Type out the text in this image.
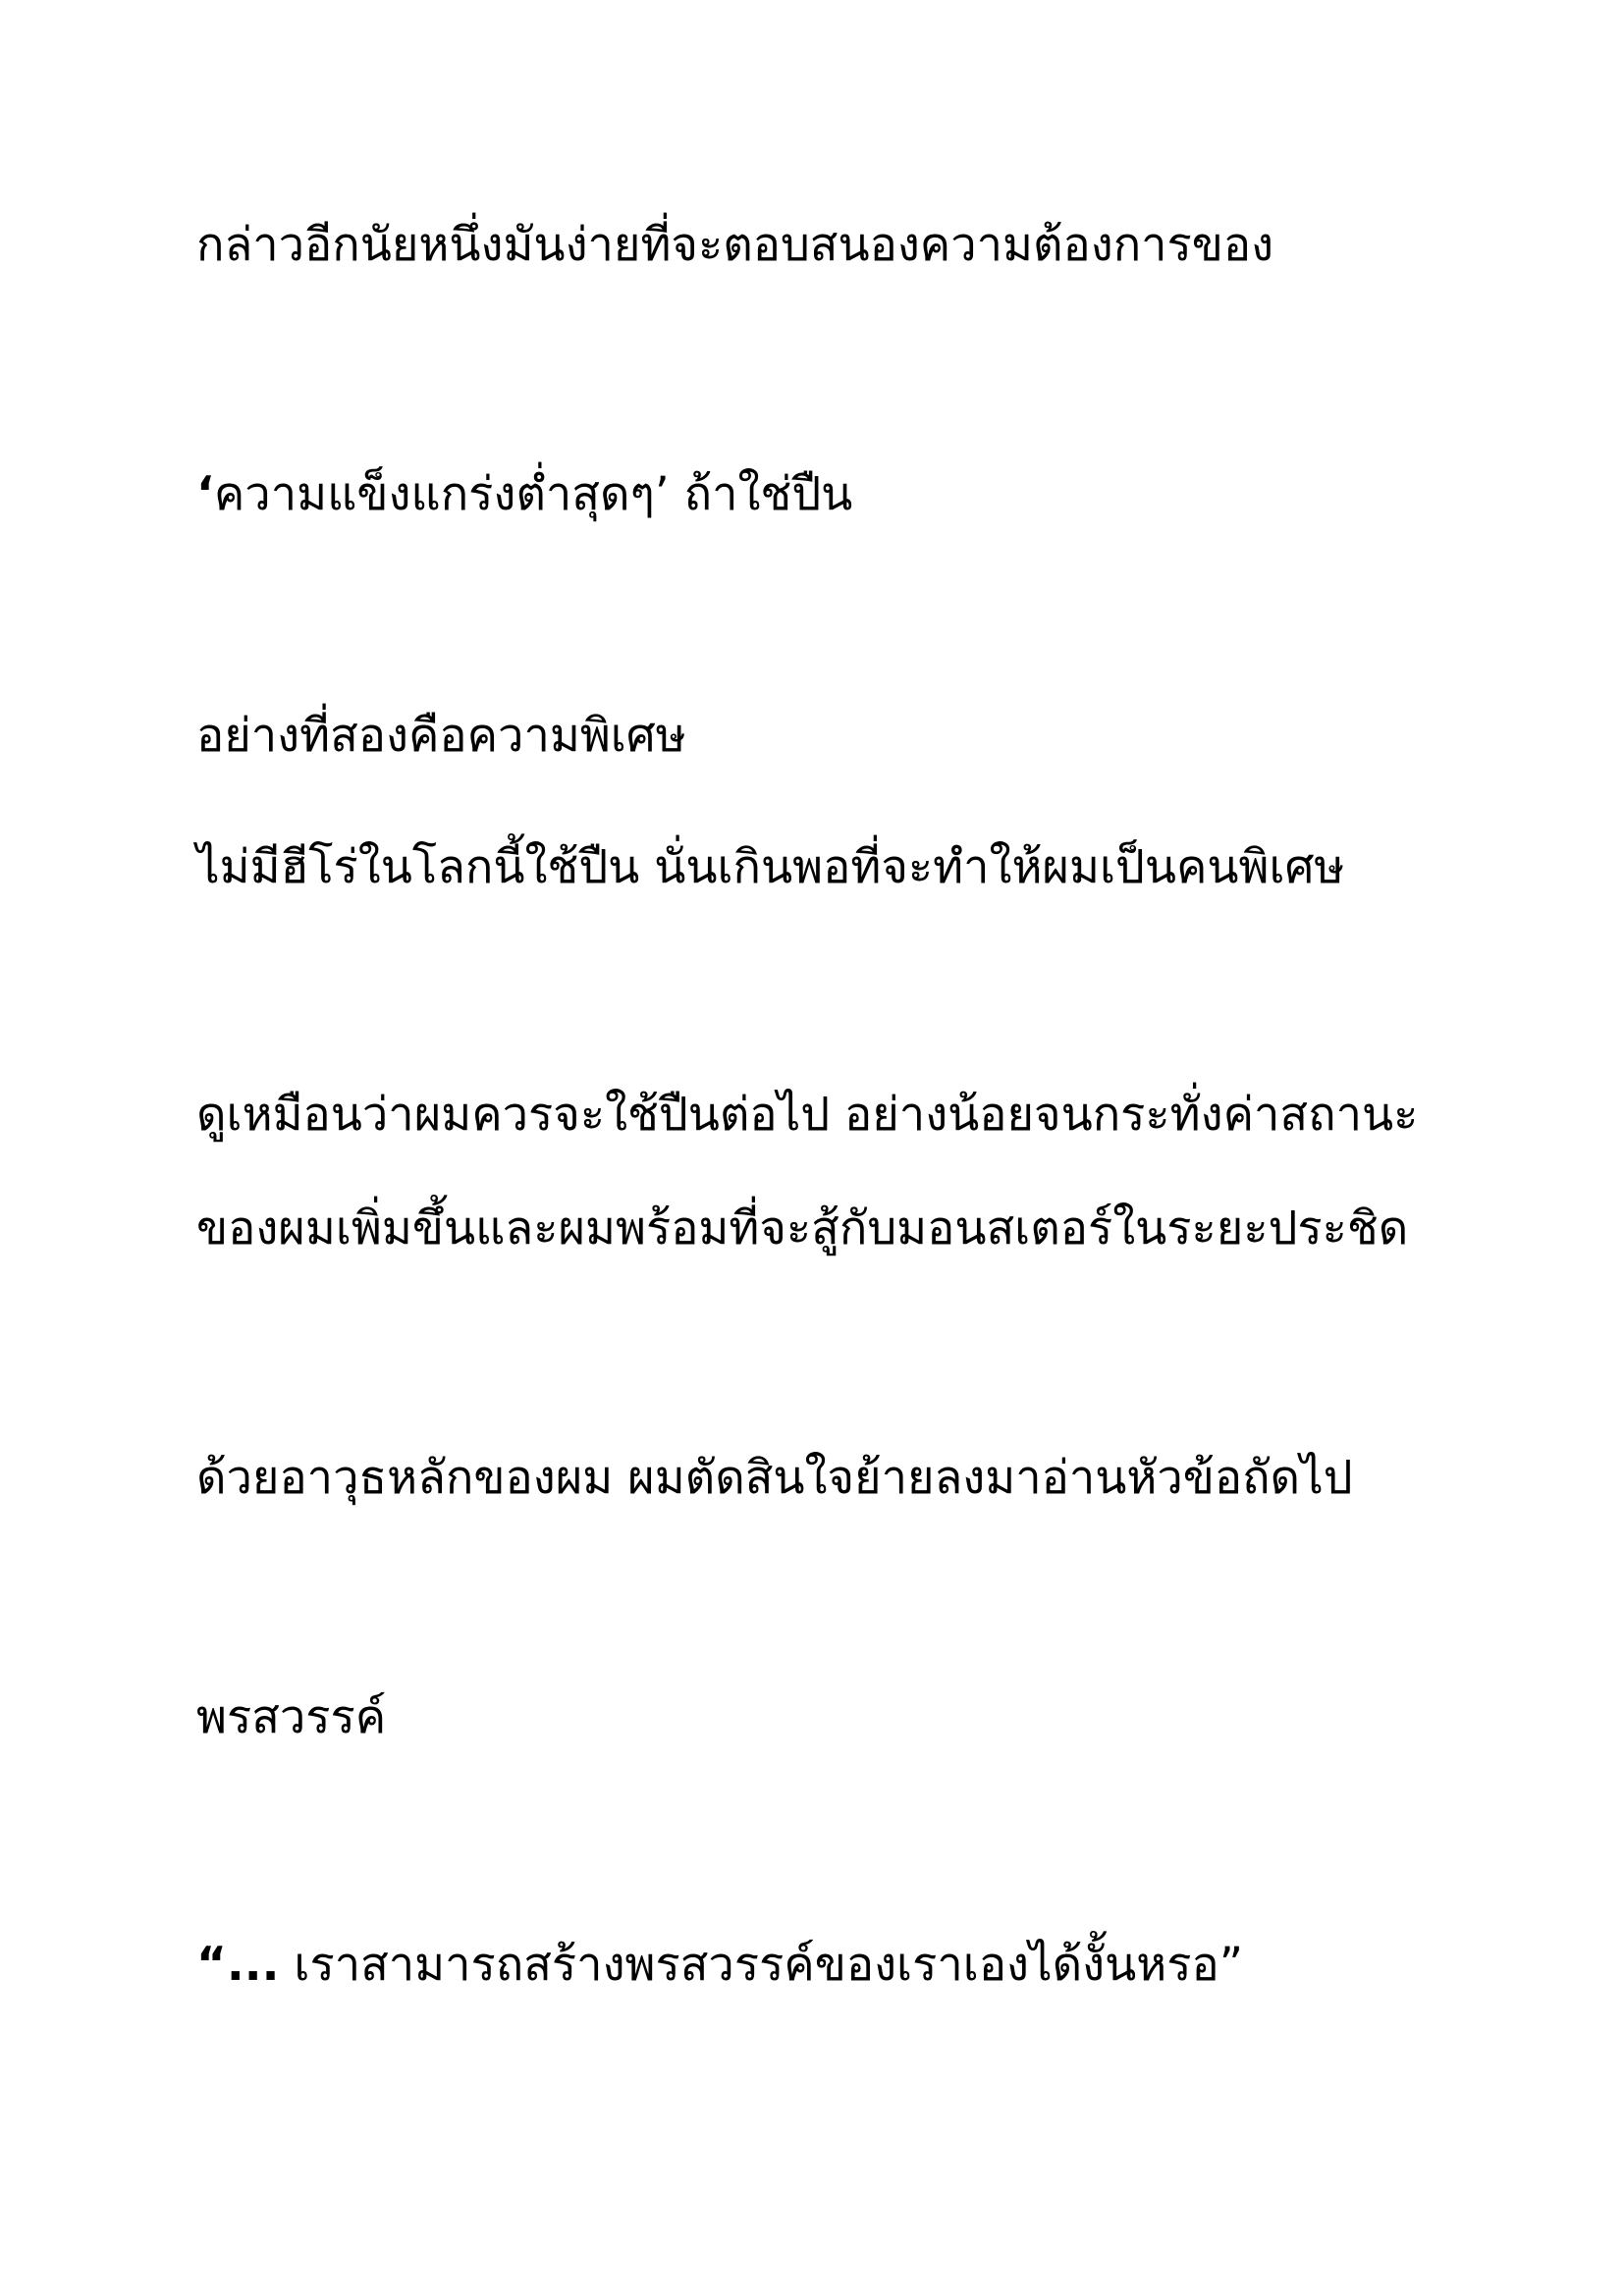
กล่าวอีกนัยหนึ่งมันง่ายที่จะตอบสนองความต้องการของ

‘ความแข็งแกร่งต่ำสุดๆ’ ถ้าใช่ปืน

อย่างที่สองคือความพิเศษ

ไม่มีฮีโร่ในโลกนี้ใช้ปืน นั่นเกินพอที่จะทำให้ผมเป็นคนพิเศษ

ดูเหมือนว่าผมควรจะใช้ปืนต่อไป อย่างน้อยจนกระทั่งค่าสถานะ

ของผมเพิ่มขึ้นและผมพร้อมที่จะสู้กับมอนสเตอร์ในระยะประชิด

ด้วยอาวุธหลักของผม ผมตัดสินใจย้ายลงมาอ่านหัวข้อถัดไป

พรสวรรค์

“... เราสามารถสร้างพรสวรรค์ของเราเองได้งั้นหรอ”
